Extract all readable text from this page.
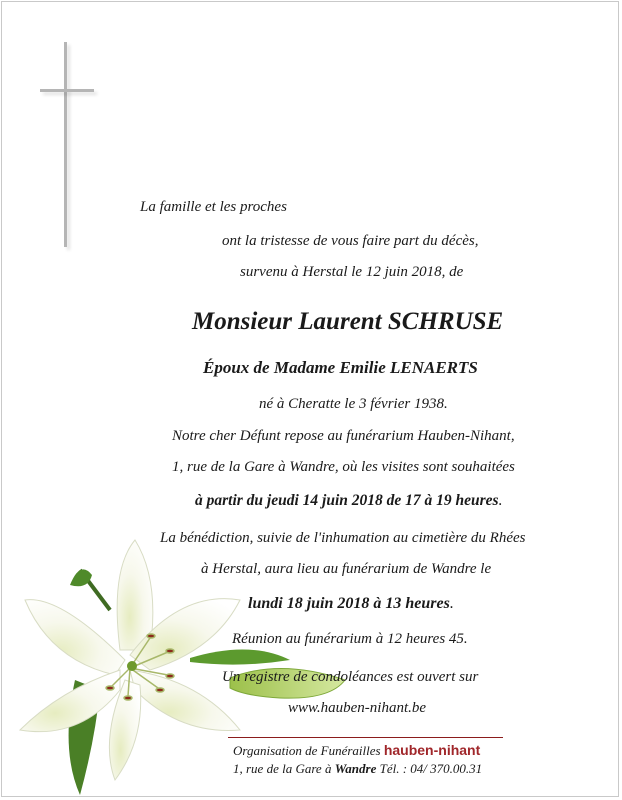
La famille et les proches
ont la tristesse de vous faire part du décès,
survenu à Herstal le 12 juin 2018, de
Monsieur Laurent SCHRUSE
Époux de Madame Emilie LENAERTS
né à Cheratte le 3 février 1938.
Notre cher Défunt repose au funérarium Hauben-Nihant,
1, rue de la Gare à Wandre, où les visites sont souhaitées
à partir du jeudi 14 juin 2018 de 17 à 19 heures.
La bénédiction, suivie de l'inhumation au cimetière du Rhées
à Herstal, aura lieu au funérarium de Wandre le
lundi 18 juin 2018 à 13 heures.
Réunion au funérarium à 12 heures 45.
Un registre de condoléances est ouvert sur
www.hauben-nihant.be
Organisation de Funérailles hauben-nihant
1, rue de la Gare à Wandre Tél. : 04/ 370.00.31
